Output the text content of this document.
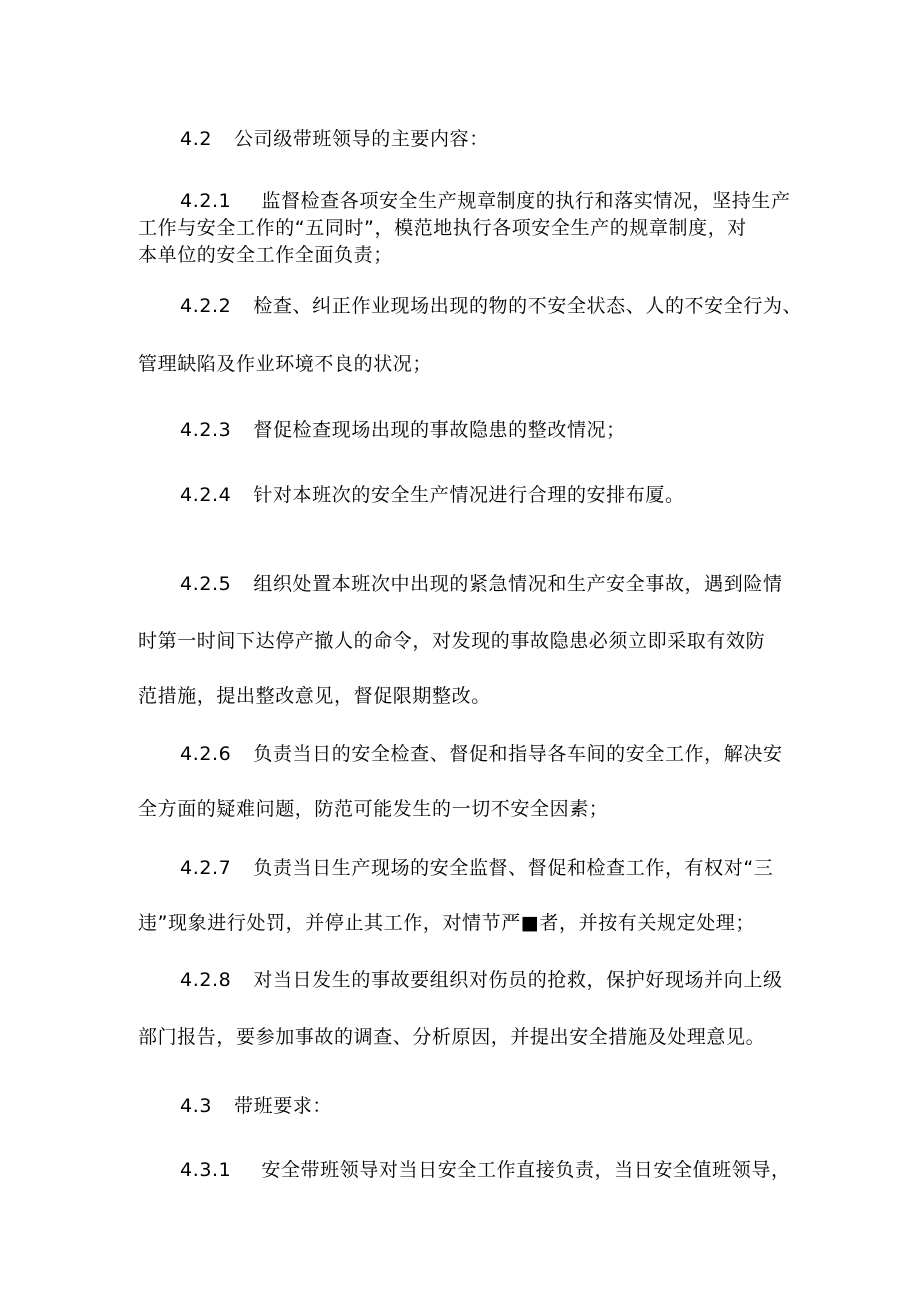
4.2 公司级带班领导的主要内容：
4.2.1 监督检查各项安全生产规章制度的执行和落实情况，坚持生产
工作与安全工作的“五同时”，模范地执行各项安全生产的规章制度，对
本单位的安全工作全面负责；
4.2.2 检查、纠正作业现场出现的物的不安全状态、人的不安全行为、
管理缺陷及作业环境不良的状况；
4.2.3 督促检查现场出现的事故隐患的整改情况；
4.2.4 针对本班次的安全生产情况进行合理的安排布厦。
4.2.5 组织处置本班次中出现的紧急情况和生产安全事故，遇到险情
时第一时间下达停产撤人的命令，对发现的事故隐患必须立即采取有效防
范措施，提出整改意见，督促限期整改。
4.2.6 负责当日的安全检查、督促和指导各车间的安全工作，解决安
全方面的疑难问题，防范可能发生的一切不安全因素；
4.2.7 负责当日生产现场的安全监督、督促和检查工作，有权对“三
违”现象进行处罚，并停止其工作，对情节严■者，并按有关规定处理；
4.2.8 对当日发生的事故要组织对伤员的抢救，保护好现场并向上级
部门报告，要参加事故的调查、分析原因，并提出安全措施及处理意见。
4.3 带班要求：
4.3.1 安全带班领导对当日安全工作直接负责，当日安全值班领导，
